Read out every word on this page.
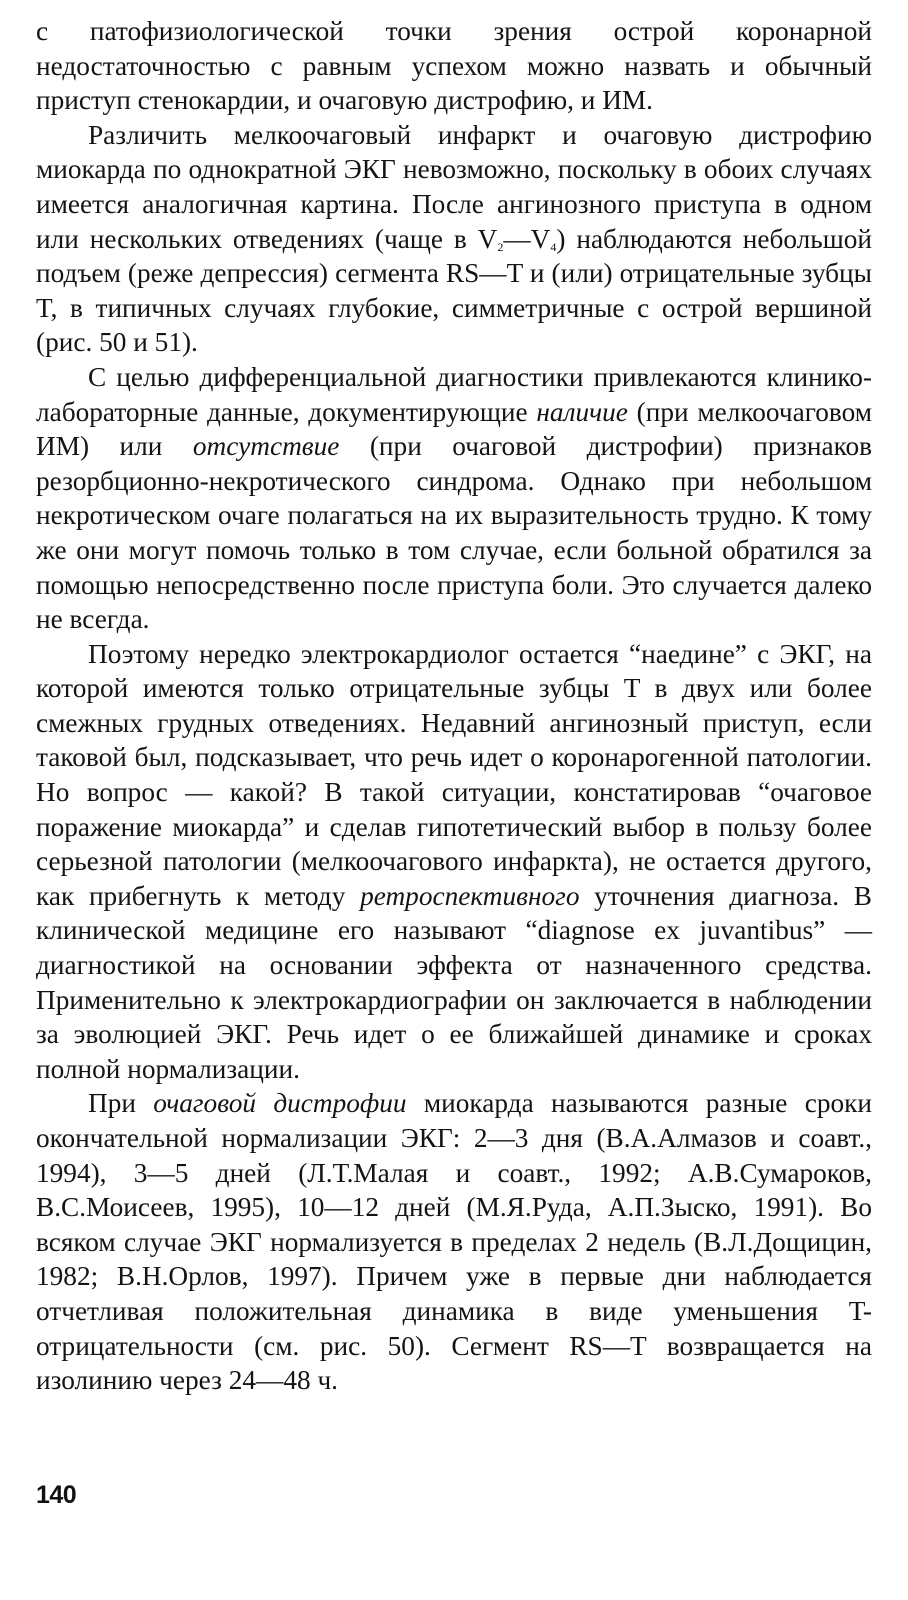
с патофизиологической точки зрения острой коронарной недостаточностью с равным успехом можно назвать и обычный приступ стенокардии, и очаговую дистрофию, и ИМ.

Различить мелкоочаговый инфаркт и очаговую дистрофию миокарда по однократной ЭКГ невозможно, поскольку в обоих случаях имеется аналогичная картина. После ангинозного приступа в одном или нескольких отведениях (чаще в $V_2—V_4$) наблюдаются небольшой подъем (реже депрессия) сегмента RS—T и (или) отрицательные зубцы T, в типичных случаях глубокие, симметричные с острой вершиной (рис. 50 и 51).

С целью дифференциальной диагностики привлекаются клинико-лабораторные данные, документирующие наличие (при мелкоочаговом ИМ) или отсутствие (при очаговой дистрофии) признаков резорбционно-некротического синдрома. Однако при небольшом некротическом очаге полагаться на их выразительность трудно. К тому же они могут помочь только в том случае, если больной обратился за помощью непосредственно после приступа боли. Это случается далеко не всегда.

Поэтому нередко электрокардиолог остается “наедине” с ЭКГ, на которой имеются только отрицательные зубцы T в двух или более смежных грудных отведениях. Недавний ангинозный приступ, если таковой был, подсказывает, что речь идет о коронарогенной патологии. Но вопрос — какой? В такой ситуации, констатировав “очаговое поражение миокарда” и сделав гипотетический выбор в пользу более серьезной патологии (мелкоочагового инфаркта), не остается другого, как прибегнуть к методу ретроспективного уточнения диагноза. В клинической медицине его называют “diagnose ex juvantibus” — диагностикой на основании эффекта от назначенного средства. Применительно к электрокардиографии он заключается в наблюдении за эволюцией ЭКГ. Речь идет о ее ближайшей динамике и сроках полной нормализации.

При очаговой дистрофии миокарда называются разные сроки окончательной нормализации ЭКГ: 2—3 дня (В.А.Алмазов и соавт., 1994), 3—5 дней (Л.Т.Малая и соавт., 1992; А.В.Сумароков, В.С.Моисеев, 1995), 10—12 дней (М.Я.Руда, А.П.Зыско, 1991). Во всяком случае ЭКГ нормализуется в пределах 2 недель (В.Л.Дощицин, 1982; В.Н.Орлов, 1997). Причем уже в первые дни наблюдается отчетливая положительная динамика в виде уменьшения T-отрицательности (см. рис. 50). Сегмент RS—T возвращается на изолинию через 24—48 ч.

140
